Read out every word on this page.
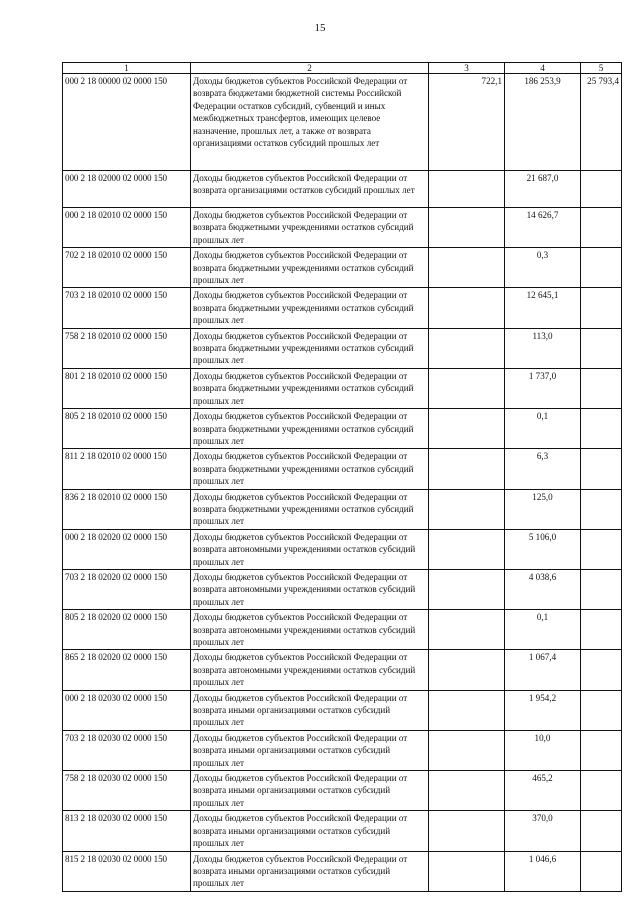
15
1	2	3	4	5
000 2 18 00000 02 0000 150	Доходы бюджетов субъектов Российской Федерации от возврата бюджетами бюджетной системы Российской Федерации остатков субсидий, субвенций и иных межбюджетных трансфертов, имеющих целевое назначение, прошлых лет, а также от возврата организациями остатков субсидий прошлых лет	722,1	186 253,9	25 793,4
000 2 18 02000 02 0000 150	Доходы бюджетов субъектов Российской Федерации от возврата организациями остатков субсидий прошлых лет		21 687,0	
000 2 18 02010 02 0000 150	Доходы бюджетов субъектов Российской Федерации от возврата бюджетными учреждениями остатков субсидий прошлых лет		14 626,7	
702 2 18 02010 02 0000 150	Доходы бюджетов субъектов Российской Федерации от возврата бюджетными учреждениями остатков субсидий прошлых лет		0,3	
703 2 18 02010 02 0000 150	Доходы бюджетов субъектов Российской Федерации от возврата бюджетными учреждениями остатков субсидий прошлых лет		12 645,1	
758 2 18 02010 02 0000 150	Доходы бюджетов субъектов Российской Федерации от возврата бюджетными учреждениями остатков субсидий прошлых лет		113,0	
801 2 18 02010 02 0000 150	Доходы бюджетов субъектов Российской Федерации от возврата бюджетными учреждениями остатков субсидий прошлых лет		1 737,0	
805 2 18 02010 02 0000 150	Доходы бюджетов субъектов Российской Федерации от возврата бюджетными учреждениями остатков субсидий прошлых лет		0,1	
811 2 18 02010 02 0000 150	Доходы бюджетов субъектов Российской Федерации от возврата бюджетными учреждениями остатков субсидий прошлых лет		6,3	
836 2 18 02010 02 0000 150	Доходы бюджетов субъектов Российской Федерации от возврата бюджетными учреждениями остатков субсидий прошлых лет		125,0	
000 2 18 02020 02 0000 150	Доходы бюджетов субъектов Российской Федерации от возврата автономными учреждениями остатков субсидий прошлых лет		5 106,0	
703 2 18 02020 02 0000 150	Доходы бюджетов субъектов Российской Федерации от возврата автономными учреждениями остатков субсидий прошлых лет		4 038,6	
805 2 18 02020 02 0000 150	Доходы бюджетов субъектов Российской Федерации от возврата автономными учреждениями остатков субсидий прошлых лет		0,1	
865 2 18 02020 02 0000 150	Доходы бюджетов субъектов Российской Федерации от возврата автономными учреждениями остатков субсидий прошлых лет		1 067,4	
000 2 18 02030 02 0000 150	Доходы бюджетов субъектов Российской Федерации от возврата иными организациями остатков субсидий прошлых лет		1 954,2	
703 2 18 02030 02 0000 150	Доходы бюджетов субъектов Российской Федерации от возврата иными организациями остатков субсидий прошлых лет		10,0	
758 2 18 02030 02 0000 150	Доходы бюджетов субъектов Российской Федерации от возврата иными организациями остатков субсидий прошлых лет		465,2	
813 2 18 02030 02 0000 150	Доходы бюджетов субъектов Российской Федерации от возврата иными организациями остатков субсидий прошлых лет		370,0	
815 2 18 02030 02 0000 150	Доходы бюджетов субъектов Российской Федерации от возврата иными организациями остатков субсидий прошлых лет		1 046,6	
